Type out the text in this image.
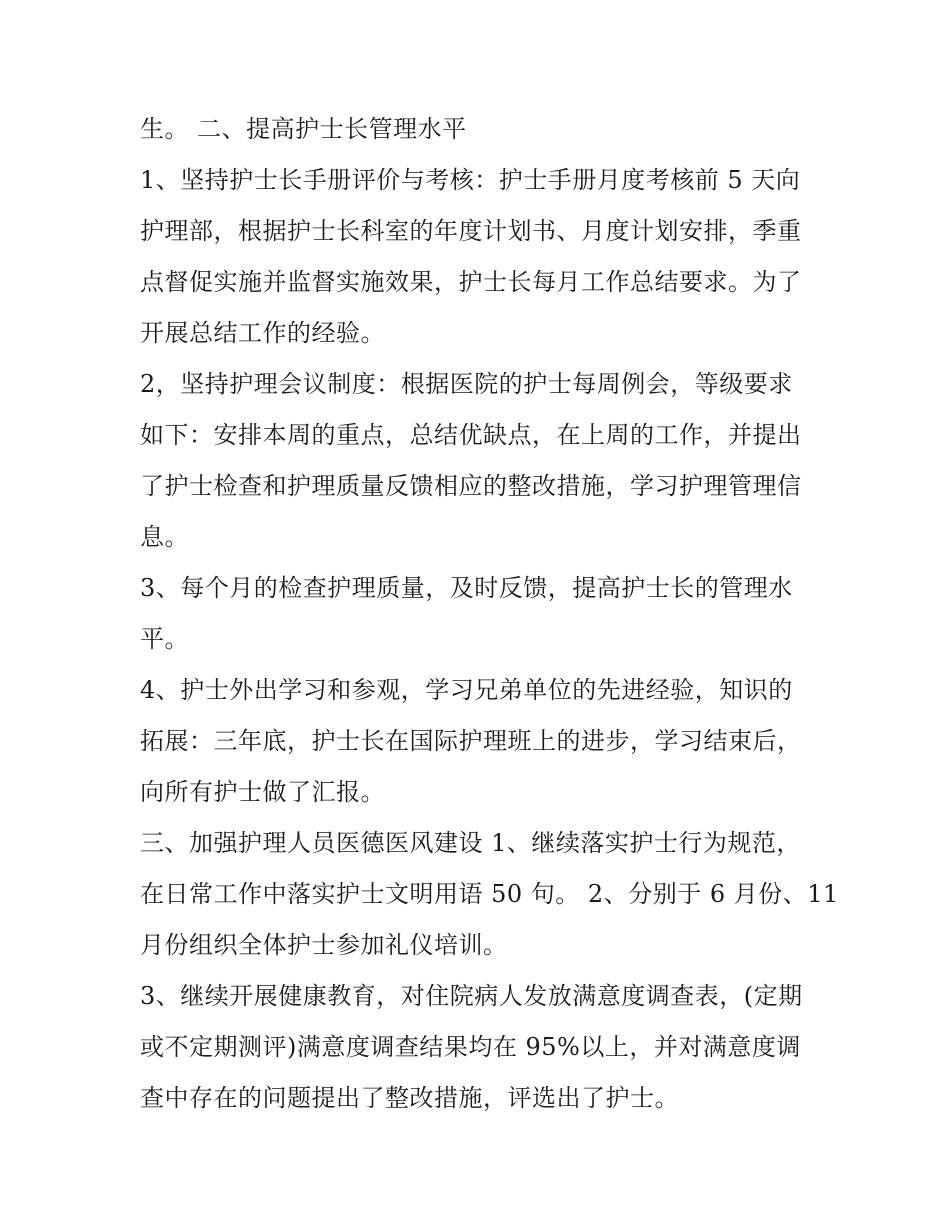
生。 二、提高护士长管理水平
1、坚持护士长手册评价与考核：护士手册月度考核前 5 天向
护理部，根据护士长科室的年度计划书、月度计划安排，季重
点督促实施并监督实施效果，护士长每月工作总结要求。为了
开展总结工作的经验。
2，坚持护理会议制度：根据医院的护士每周例会，等级要求
如下：安排本周的重点，总结优缺点，在上周的工作，并提出
了护士检查和护理质量反馈相应的整改措施，学习护理管理信
息。
3、每个月的检查护理质量，及时反馈，提高护士长的管理水
平。
4、护士外出学习和参观，学习兄弟单位的先进经验，知识的
拓展：三年底，护士长在国际护理班上的进步，学习结束后，
向所有护士做了汇报。
三、加强护理人员医德医风建设 1、继续落实护士行为规范，
在日常工作中落实护士文明用语 50 句。 2、分别于 6 月份、11
月份组织全体护士参加礼仪培训。
3、继续开展健康教育，对住院病人发放满意度调查表，(定期
或不定期测评)满意度调查结果均在 95%以上，并对满意度调
查中存在的问题提出了整改措施，评选出了护士。
